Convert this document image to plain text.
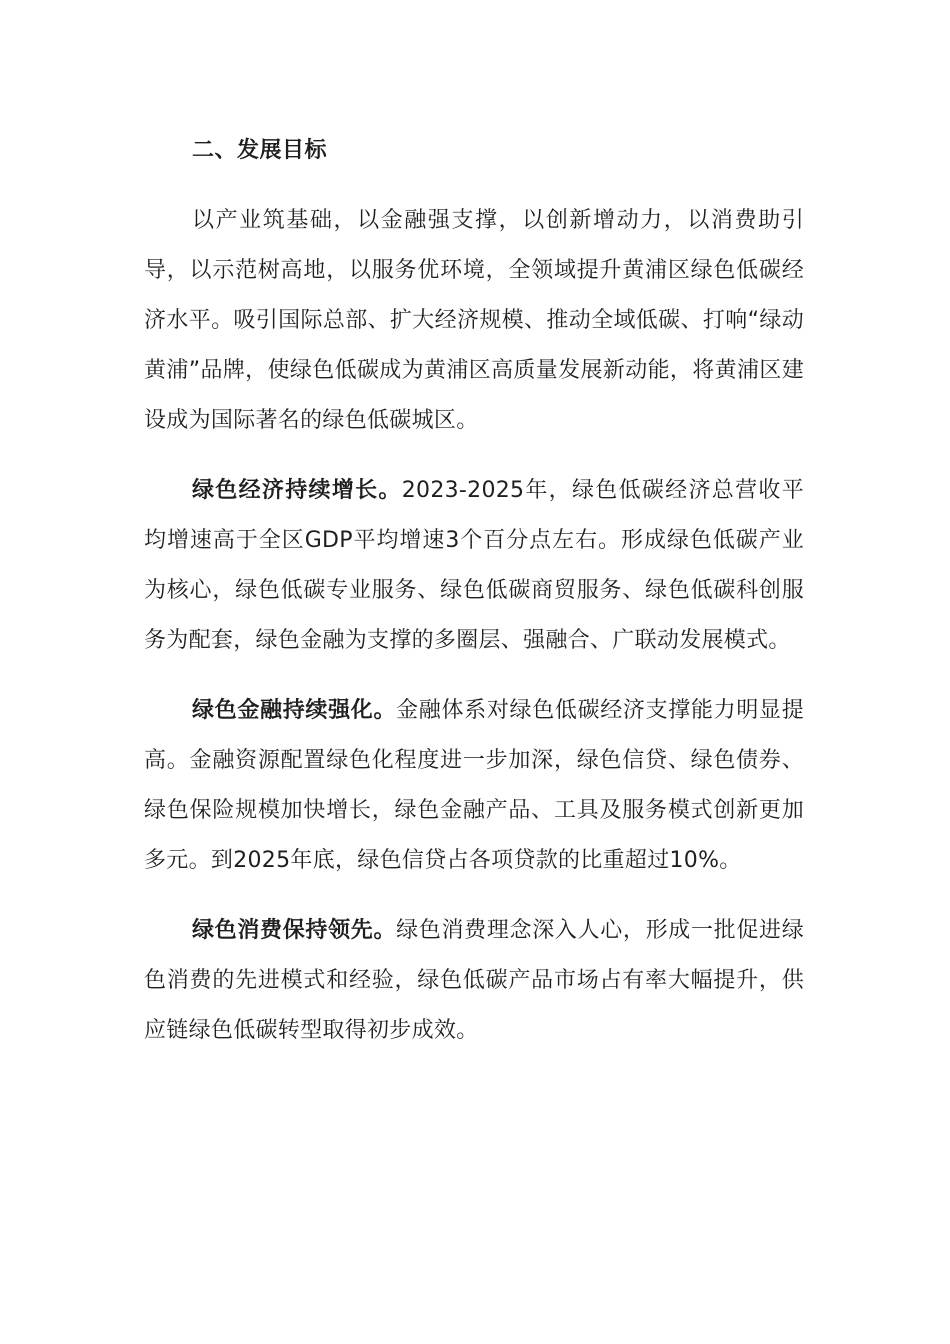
二、发展目标

以产业筑基础，以金融强支撑，以创新增动力，以消费助引导，以示范树高地，以服务优环境，全领域提升黄浦区绿色低碳经济水平。吸引国际总部、扩大经济规模、推动全域低碳、打响“绿动黄浦”品牌，使绿色低碳成为黄浦区高质量发展新动能，将黄浦区建设成为国际著名的绿色低碳城区。

绿色经济持续增长。2023-2025年，绿色低碳经济总营收平均增速高于全区GDP平均增速3个百分点左右。形成绿色低碳产业为核心，绿色低碳专业服务、绿色低碳商贸服务、绿色低碳科创服务为配套，绿色金融为支撑的多圈层、强融合、广联动发展模式。

绿色金融持续强化。金融体系对绿色低碳经济支撑能力明显提高。金融资源配置绿色化程度进一步加深，绿色信贷、绿色债券、绿色保险规模加快增长，绿色金融产品、工具及服务模式创新更加多元。到2025年底，绿色信贷占各项贷款的比重超过10%。

绿色消费保持领先。绿色消费理念深入人心，形成一批促进绿色消费的先进模式和经验，绿色低碳产品市场占有率大幅提升，供应链绿色低碳转型取得初步成效。
